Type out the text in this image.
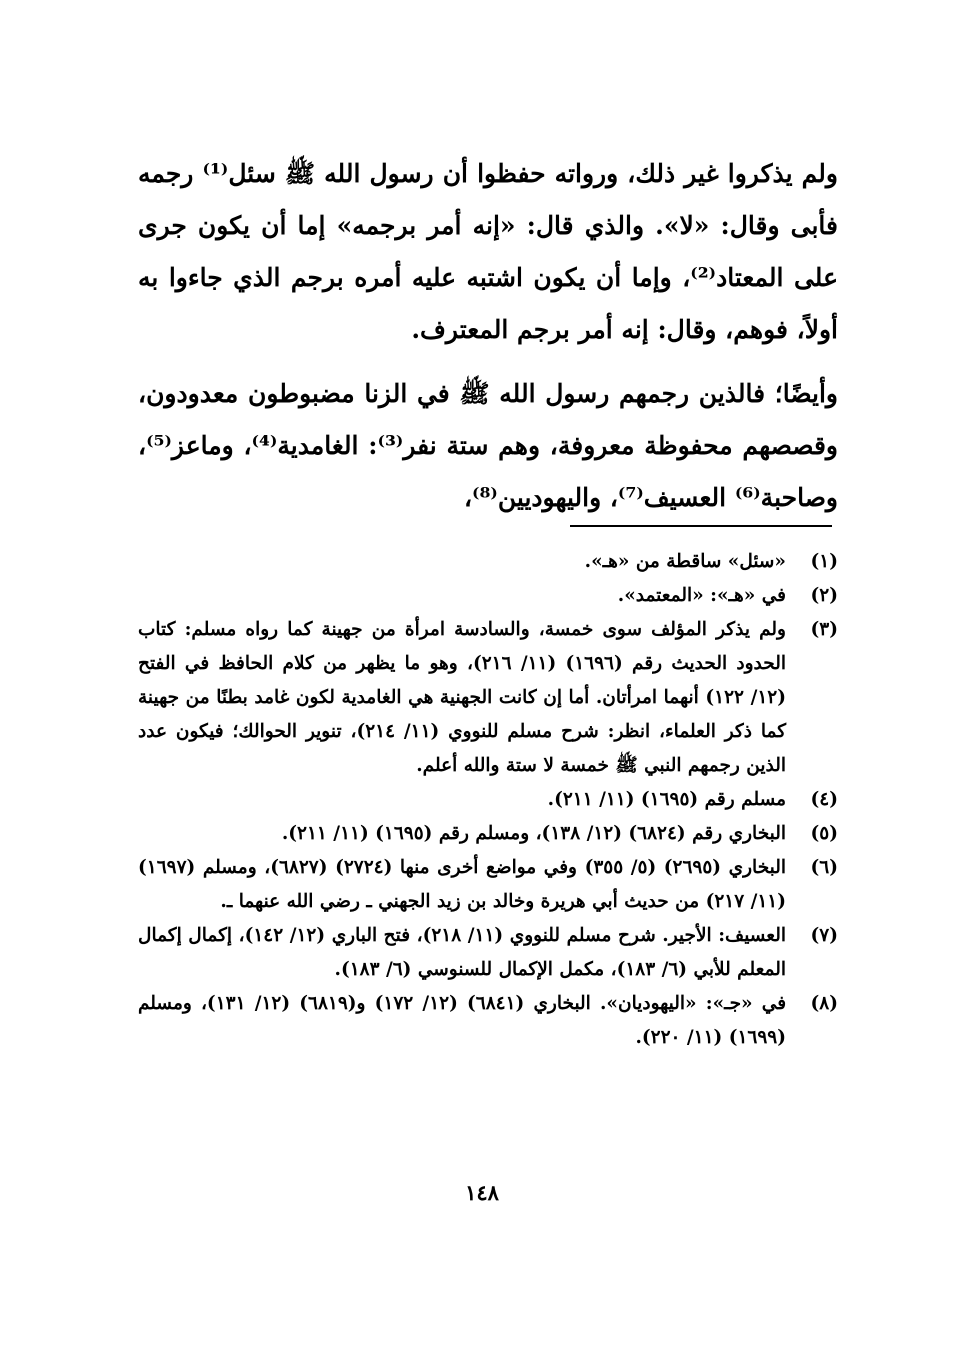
ولم يذكروا غير ذلك، ورواته حفظوا أن رسول الله ﷺ سئل⁽¹⁾ رجمه فأبى وقال: «لا». والذي قال: «إنه أمر برجمه» إما أن يكون جرى على المعتاد⁽²⁾، وإما أن يكون اشتبه عليه أمره برجم الذي جاءوا به أولاً، فوهم، وقال: إنه أمر برجم المعترف.

وأيضًا؛ فالذين رجمهم رسول الله ﷺ في الزنا مضبوطون معدودون، وقصصهم محفوظة معروفة، وهم ستة نفر⁽³⁾: الغامدية⁽⁴⁾، وماعز⁽⁵⁾، وصاحبة⁽⁶⁾ العسيف⁽⁷⁾، واليهوديين⁽⁸⁾،

(١)
«سئل» ساقطة من «هـ».
(٢)
في «هـ»: «المعتمد».
(٣)
ولم يذكر المؤلف سوى خمسة، والسادسة امرأة من جهينة كما رواه مسلم: كتاب الحدود الحديث رقم (١٦٩٦) (١١/ ٢١٦)، وهو ما يظهر من كلام الحافظ في الفتح (١٢/ ١٢٢) أنهما امرأتان. أما إن كانت الجهنية هي الغامدية لكون غامد بطنًا من جهينة كما ذكر العلماء، انظر: شرح مسلم للنووي (١١/ ٢١٤)، تنوير الحوالك؛ فيكون عدد الذين رجمهم النبي ﷺ خمسة لا ستة والله أعلم.
(٤)
مسلم رقم (١٦٩٥) (١١/ ٢١١).
(٥)
البخاري رقم (٦٨٢٤) (١٢/ ١٣٨)، ومسلم رقم (١٦٩٥) (١١/ ٢١١).
(٦)
البخاري (٢٦٩٥) (٥/ ٣٥٥) وفي مواضع أخرى منها (٢٧٢٤) (٦٨٢٧)، ومسلم (١٦٩٧) (١١/ ٢١٧) من حديث أبي هريرة وخالد بن زيد الجهني ـ رضي الله عنهما ـ.
(٧)
العسيف: الأجير. شرح مسلم للنووي (١١/ ٢١٨)، فتح الباري (١٢/ ١٤٢)، إكمال إكمال المعلم للأبي (٦/ ١٨٣)، مكمل الإكمال للسنوسي (٦/ ١٨٣).
(٨)
في «جـ»: «اليهوديان». البخاري (٦٨٤١) (١٢/ ١٧٢) و(٦٨١٩) (١٢/ ١٣١)، ومسلم (١٦٩٩) (١١/ ٢٢٠).
١٤٨
